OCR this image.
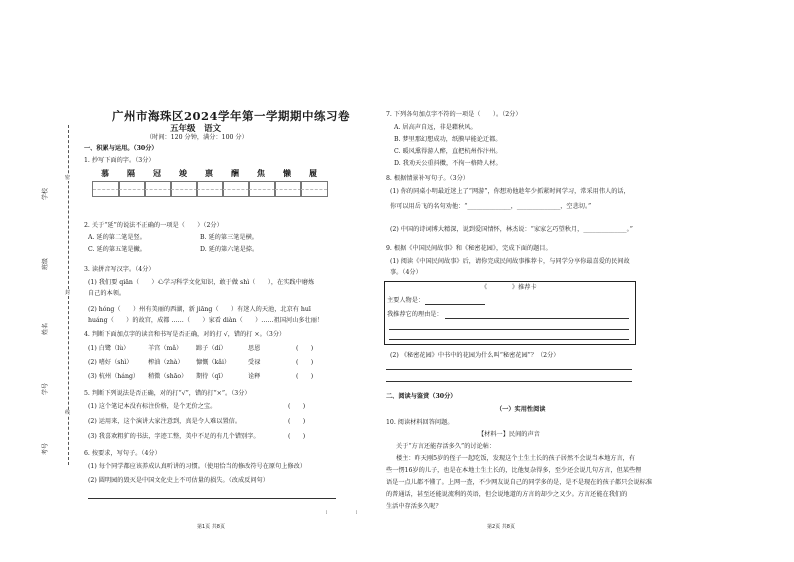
学校
班级
姓名
学号
考号
密
封
线
广州市海珠区2024学年第一学期期中练习卷
五年级　语文
（时间：120 分钟，满分：100 分）
一、积累与运用。（30分）
1. 抄写下面的字。（3分）
慕	隔	冠	竣	禀	酬	焦	懒	履
2. 关于“延”的说法不正确的一项是（　　）（2分）
A. 延的第二笔是竖。	B. 延的第三笔是横。
C. 延的第五笔是撇。	D. 延的第六笔是捺。
3. 读拼音写汉字。（4分）
(1) 我们要 qiān（　　）心学习科学文化知识，敢于做 shì（　　），在实践中磨炼
自己的本领。
(2) hóng（　　）州有美丽的西湖，新 jiāng（　　）有迷人的天池，北京有 huī
huáng（　　）的故宫，成都 ……（　　）家看 diàn（　　）……祖国河山多壮丽！
4. 判断下面加点字的读音和书写是否正确，对的打 √，错的打 ×。（3分）
(1) 白鹭（lù）	羊宫（mǎ） 蹄子（dí）	思恩	(　　)
(2) 嗜好（shì） 榨油（zhà） 慷慨（kǎi）	受禄	(　　)
(3) 杭州（háng） 稍微（shāo） 期待（qī）	诠释	(　　)
5. 判断下列说法是否正确，对的打“√”，错的打“×”。（3分）
(1) 这个笔记本没有标注价格，是个无价之宝。	(　　)
(2) 运用来，这个演讲大家注意到，真是令人难以置信。	(　　)
(3) 我喜欢粗犷的书法，字迹工整，美中不足的有几个错别字。	(　　)
6. 按要求，写句子。（4分）
(1) 每个同学都应该养成认真听讲的习惯。（使用恰当的修改符号在原句上修改）
(2) 圆明园的毁灭是中国文化史上不可估量的损失。（改成反问句）
第1页 共8页
⁞	⁞
7. 下列各句加点字不符的一项是（　　）。（2分）
A. 居高声自远，非是藉秋风。
B. 梦里那幻想成功，纸膜早能论迁都。
C. 暖风熏得游人醉，直把杭州作汴州。
D. 我劝天公重抖擞，不拘一格降人材。
8. 根据情景补写句子。（3分）
(1) 你的同桌小明最近迷上了“网游”，你想劝他趁年少抓紧时间学习，常采用伟人的话，
你可以用岳飞的名句劝他：“______________，______________，空悲切。”
(2) 中国的诗词博大精深，说到爱国情怀，林杰说：“家家乞巧望秋月，______________。”
9. 根据《中国民间故事》和《秘密花园》，完成下面的题目。
(1) 阅读《中国民间故事》后，请你完成民间故事推荐卡，与同学分享你最喜爱的民间故
事。（4分）
《　　　　》推荐卡
主要人物是：
我推荐它的理由是：
(2) 《秘密花园》中书中的花园为什么叫“秘密花园”？（2分）
二、阅读与鉴赏（30分）
（一）实用性阅读
10. 阅读材料回答问题。
【材料一】民间的声音
关于“方言还能存活多久”的讨论帖：
楼主：昨天刚5岁的侄子一起吃饭，发现这个土生土长的孩子居然不会说当本地方言，有
些一愣16岁的儿子，也是在本地土生土长的，比他复杂得多，至少还会说几句方言，但某些俚
语是一点儿都不懂了。上网一查，不少网友说自己的同学多的是，是不是现在的孩子都只会说标准
的普通话，甚至还能说流利的英语，但会说地道的方言的却少之又少。方言还能在我们的
生活中存活多久呢？
第2页 共8页
